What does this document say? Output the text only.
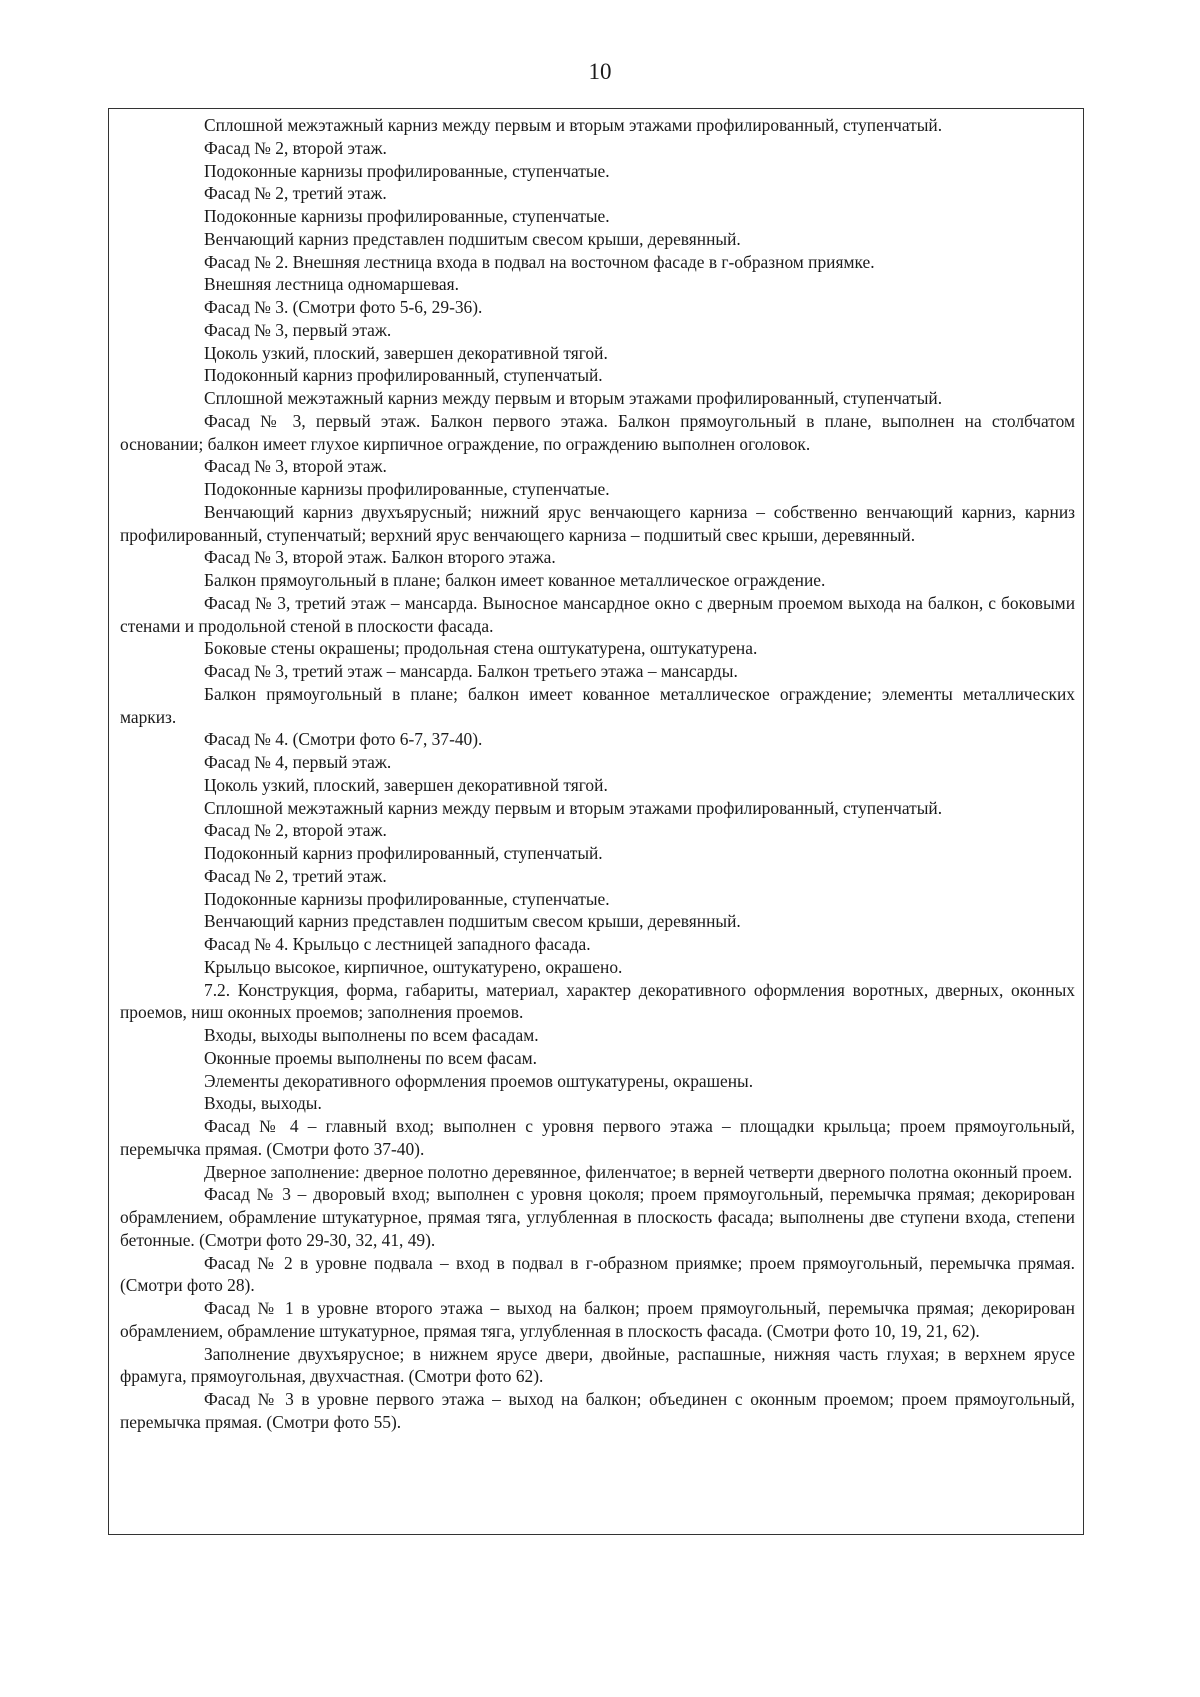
10

Сплошной межэтажный карниз между первым и вторым этажами профилированный, ступенчатый.

Фасад № 2, второй этаж.

Подоконные карнизы профилированные, ступенчатые.

Фасад № 2, третий этаж.

Подоконные карнизы профилированные, ступенчатые.

Венчающий карниз представлен подшитым свесом крыши, деревянный.

Фасад № 2. Внешняя лестница входа в подвал на восточном фасаде в г-образном приямке.

Внешняя лестница одномаршевая.

Фасад № 3. (Смотри фото 5-6, 29-36).

Фасад № 3, первый этаж.

Цоколь узкий, плоский, завершен декоративной тягой.

Подоконный карниз профилированный, ступенчатый.

Сплошной межэтажный карниз между первым и вторым этажами профилированный, ступенчатый.

Фасад № 3, первый этаж. Балкон первого этажа. Балкон прямоугольный в плане, выполнен на столбчатом основании; балкон имеет глухое кирпичное ограждение, по ограждению выполнен оголовок.

Фасад № 3, второй этаж.

Подоконные карнизы профилированные, ступенчатые.

Венчающий карниз двухъярусный; нижний ярус венчающего карниза – собственно венчающий карниз, карниз профилированный, ступенчатый; верхний ярус венчающего карниза – подшитый свес крыши, деревянный.

Фасад № 3, второй этаж. Балкон второго этажа.

Балкон прямоугольный в плане; балкон имеет кованное металлическое ограждение.

Фасад № 3, третий этаж – мансарда. Выносное мансардное окно с дверным проемом выхода на балкон, с боковыми стенами и продольной стеной в плоскости фасада.

Боковые стены окрашены; продольная стена оштукатурена, оштукатурена.

Фасад № 3, третий этаж – мансарда. Балкон третьего этажа – мансарды.

Балкон прямоугольный в плане; балкон имеет кованное металлическое ограждение; элементы металлических маркиз.

Фасад № 4. (Смотри фото 6-7, 37-40).

Фасад № 4, первый этаж.

Цоколь узкий, плоский, завершен декоративной тягой.

Сплошной межэтажный карниз между первым и вторым этажами профилированный, ступенчатый.

Фасад № 2, второй этаж.

Подоконный карниз профилированный, ступенчатый.

Фасад № 2, третий этаж.

Подоконные карнизы профилированные, ступенчатые.

Венчающий карниз представлен подшитым свесом крыши, деревянный.

Фасад № 4. Крыльцо с лестницей западного фасада.

Крыльцо высокое, кирпичное, оштукатурено, окрашено.

7.2. Конструкция, форма, габариты, материал, характер декоративного оформления воротных, дверных, оконных проемов, ниш оконных проемов; заполнения проемов.

Входы, выходы выполнены по всем фасадам.

Оконные проемы выполнены по всем фасам.

Элементы декоративного оформления проемов оштукатурены, окрашены.

Входы, выходы.

Фасад № 4 – главный вход; выполнен с уровня первого этажа – площадки крыльца; проем прямоугольный, перемычка прямая. (Смотри фото 37-40).

Дверное заполнение: дверное полотно деревянное, филенчатое; в верней четверти дверного полотна оконный проем.

Фасад № 3 – дворовый вход; выполнен с уровня цоколя; проем прямоугольный, перемычка прямая; декорирован обрамлением, обрамление штукатурное, прямая тяга, углубленная в плоскость фасада; выполнены две ступени входа, степени бетонные. (Смотри фото 29-30, 32, 41, 49).

Фасад № 2 в уровне подвала – вход в подвал в г-образном приямке; проем прямоугольный, перемычка прямая. (Смотри фото 28).

Фасад № 1 в уровне второго этажа – выход на балкон; проем прямоугольный, перемычка прямая; декорирован обрамлением, обрамление штукатурное, прямая тяга, углубленная в плоскость фасада. (Смотри фото 10, 19, 21, 62).

Заполнение двухъярусное; в нижнем ярусе двери, двойные, распашные, нижняя часть глухая; в верхнем ярусе фрамуга, прямоугольная, двухчастная. (Смотри фото 62).

Фасад № 3 в уровне первого этажа – выход на балкон; объединен с оконным проемом; проем прямоугольный, перемычка прямая. (Смотри фото 55).
